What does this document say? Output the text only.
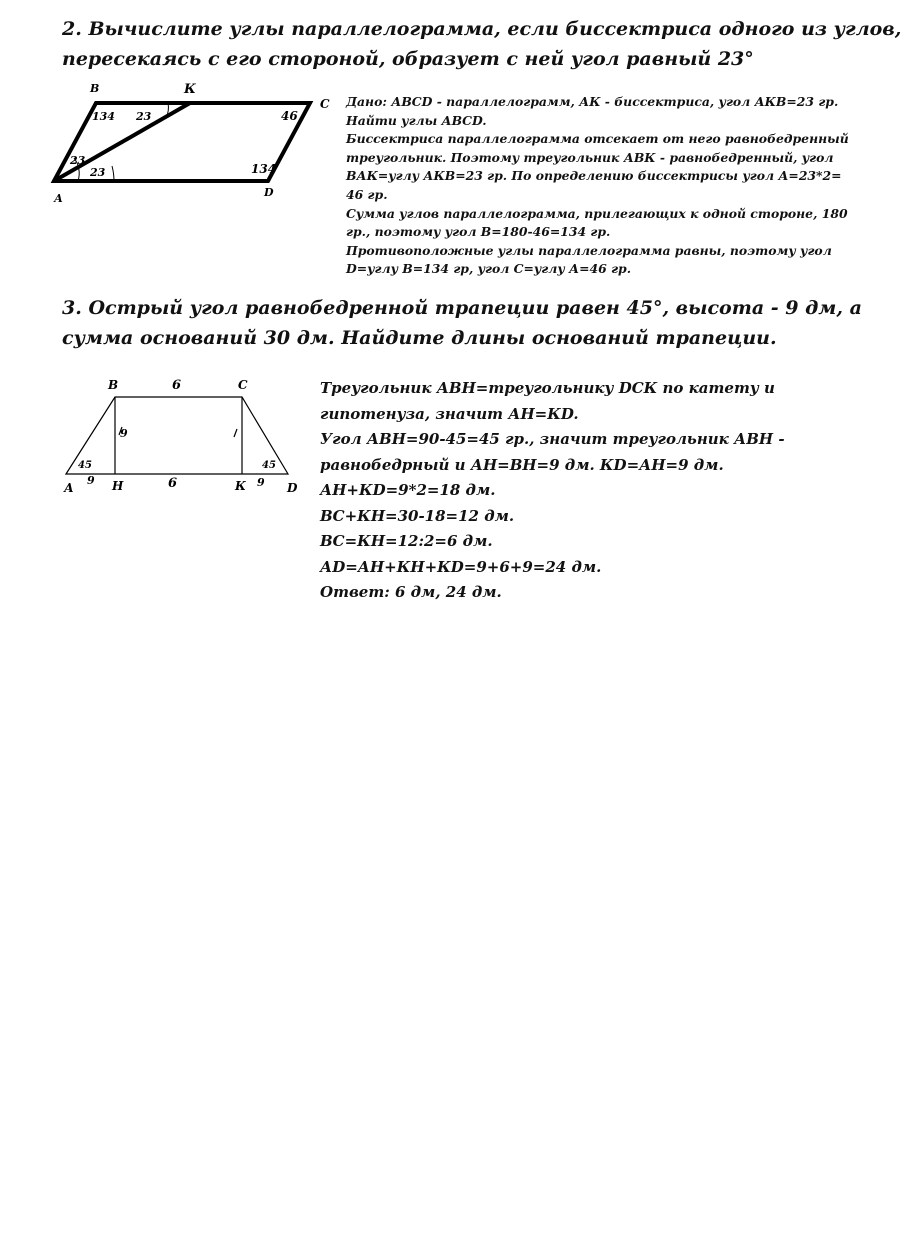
2. Вычислите углы параллелограмма, если биссектриса одного из углов,
пересекаясь с его стороной, образует с ней угол равный 23°
В	К
С
D
А
134 23	46
23
23	134
Дано: АВСD - параллелограмм, АК - биссектриса, угол АКВ=23 гр.
Найти углы АВСD.
Биссектриса параллелограмма отсекает от него равнобедренный
треугольник. Поэтому треугольник АВК - равнобедренный, угол
ВАК=углу АКВ=23 гр. По определению биссектрисы угол А=23*2=
46 гр.
Сумма углов параллелограмма, прилегающих к одной стороне, 180
гр., поэтому угол В=180-46=134 гр.
Противоположные углы параллелограмма равны, поэтому угол
D=углу В=134 гр, угол С=углу А=46 гр.
3. Острый угол равнобедренной трапеции равен 45°, высота - 9 дм, а
сумма оснований 30 дм. Найдите длины оснований трапеции.
В	С
А	Н	К	D
6
9
6
45	45
9	9
Треугольник АВН=треугольнику DСК по катету и
гипотенуза, значит АН=КD.
Угол АВН=90-45=45 гр., значит треугольник АВН -
равнобедрный и АН=ВН=9 дм. КD=АН=9 дм.
АН+КD=9*2=18 дм.
ВС+КН=30-18=12 дм.
ВС=КН=12:2=6 дм.
АD=АН+КН+КD=9+6+9=24 дм.
Ответ: 6 дм, 24 дм.
